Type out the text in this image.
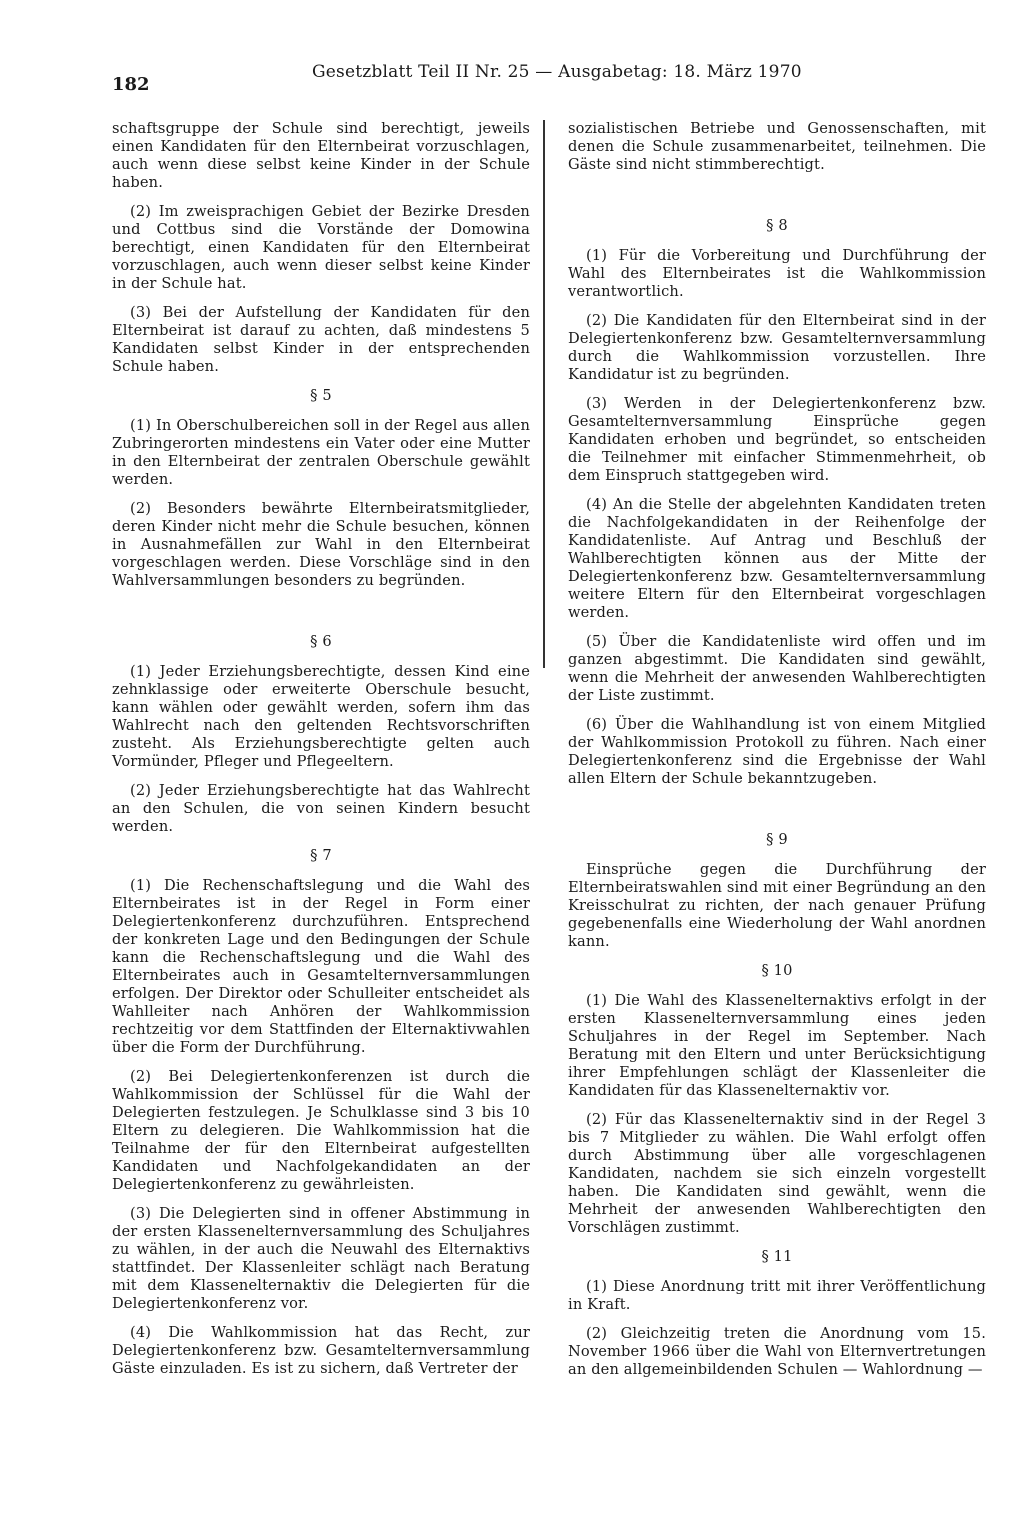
182
Gesetzblatt Teil II Nr. 25 — Ausgabetag: 18. März 1970

schaftsgruppe der Schule sind berechtigt, jeweils einen Kandidaten für den Elternbeirat vorzuschlagen, auch wenn diese selbst keine Kinder in der Schule haben.

(2) Im zweisprachigen Gebiet der Bezirke Dresden und Cottbus sind die Vorstände der Domowina berechtigt, einen Kandidaten für den Elternbeirat vorzuschlagen, auch wenn dieser selbst keine Kinder in der Schule hat.

(3) Bei der Aufstellung der Kandidaten für den Elternbeirat ist darauf zu achten, daß mindestens 5 Kandidaten selbst Kinder in der entsprechenden Schule haben.

§ 5

(1) In Oberschulbereichen soll in der Regel aus allen Zubringerorten mindestens ein Vater oder eine Mutter in den Elternbeirat der zentralen Oberschule gewählt werden.

(2) Besonders bewährte Elternbeiratsmitglieder, deren Kinder nicht mehr die Schule besuchen, können in Ausnahmefällen zur Wahl in den Elternbeirat vorgeschlagen werden. Diese Vorschläge sind in den Wahlversammlungen besonders zu begründen.

§ 6

(1) Jeder Erziehungsberechtigte, dessen Kind eine zehnklassige oder erweiterte Oberschule besucht, kann wählen oder gewählt werden, sofern ihm das Wahlrecht nach den geltenden Rechtsvorschriften zusteht. Als Erziehungsberechtigte gelten auch Vormünder, Pfleger und Pflegeeltern.

(2) Jeder Erziehungsberechtigte hat das Wahlrecht an den Schulen, die von seinen Kindern besucht werden.

§ 7

(1) Die Rechenschaftslegung und die Wahl des Elternbeirates ist in der Regel in Form einer Delegiertenkonferenz durchzuführen. Entsprechend der konkreten Lage und den Bedingungen der Schule kann die Rechenschaftslegung und die Wahl des Elternbeirates auch in Gesamtelternversammlungen erfolgen. Der Direktor oder Schulleiter entscheidet als Wahlleiter nach Anhören der Wahlkommission rechtzeitig vor dem Stattfinden der Elternaktivwahlen über die Form der Durchführung.

(2) Bei Delegiertenkonferenzen ist durch die Wahlkommission der Schlüssel für die Wahl der Delegierten festzulegen. Je Schulklasse sind 3 bis 10 Eltern zu delegieren. Die Wahlkommission hat die Teilnahme der für den Elternbeirat aufgestellten Kandidaten und Nachfolgekandidaten an der Delegiertenkonferenz zu gewährleisten.

(3) Die Delegierten sind in offener Abstimmung in der ersten Klassenelternversammlung des Schuljahres zu wählen, in der auch die Neuwahl des Elternaktivs stattfindet. Der Klassenleiter schlägt nach Beratung mit dem Klassenelternaktiv die Delegierten für die Delegiertenkonferenz vor.

(4) Die Wahlkommission hat das Recht, zur Delegiertenkonferenz bzw. Gesamtelternversammlung Gäste einzuladen. Es ist zu sichern, daß Vertreter der

sozialistischen Betriebe und Genossenschaften, mit denen die Schule zusammenarbeitet, teilnehmen. Die Gäste sind nicht stimmberechtigt.

§ 8

(1) Für die Vorbereitung und Durchführung der Wahl des Elternbeirates ist die Wahlkommission verantwortlich.

(2) Die Kandidaten für den Elternbeirat sind in der Delegiertenkonferenz bzw. Gesamtelternversammlung durch die Wahlkommission vorzustellen. Ihre Kandidatur ist zu begründen.

(3) Werden in der Delegiertenkonferenz bzw. Gesamtelternversammlung Einsprüche gegen Kandidaten erhoben und begründet, so entscheiden die Teilnehmer mit einfacher Stimmenmehrheit, ob dem Einspruch stattgegeben wird.

(4) An die Stelle der abgelehnten Kandidaten treten die Nachfolgekandidaten in der Reihenfolge der Kandidatenliste. Auf Antrag und Beschluß der Wahlberechtigten können aus der Mitte der Delegiertenkonferenz bzw. Gesamtelternversammlung weitere Eltern für den Elternbeirat vorgeschlagen werden.

(5) Über die Kandidatenliste wird offen und im ganzen abgestimmt. Die Kandidaten sind gewählt, wenn die Mehrheit der anwesenden Wahlberechtigten der Liste zustimmt.

(6) Über die Wahlhandlung ist von einem Mitglied der Wahlkommission Protokoll zu führen. Nach einer Delegiertenkonferenz sind die Ergebnisse der Wahl allen Eltern der Schule bekanntzugeben.

§ 9

Einsprüche gegen die Durchführung der Elternbeiratswahlen sind mit einer Begründung an den Kreisschulrat zu richten, der nach genauer Prüfung gegebenenfalls eine Wiederholung der Wahl anordnen kann.

§ 10

(1) Die Wahl des Klassenelternaktivs erfolgt in der ersten Klassenelternversammlung eines jeden Schuljahres in der Regel im September. Nach Beratung mit den Eltern und unter Berücksichtigung ihrer Empfehlungen schlägt der Klassenleiter die Kandidaten für das Klassenelternaktiv vor.

(2) Für das Klassenelternaktiv sind in der Regel 3 bis 7 Mitglieder zu wählen. Die Wahl erfolgt offen durch Abstimmung über alle vorgeschlagenen Kandidaten, nachdem sie sich einzeln vorgestellt haben. Die Kandidaten sind gewählt, wenn die Mehrheit der anwesenden Wahlberechtigten den Vorschlägen zustimmt.

§ 11

(1) Diese Anordnung tritt mit ihrer Veröffentlichung in Kraft.

(2) Gleichzeitig treten die Anordnung vom 15. November 1966 über die Wahl von Elternvertretungen an den allgemeinbildenden Schulen — Wahlordnung —
